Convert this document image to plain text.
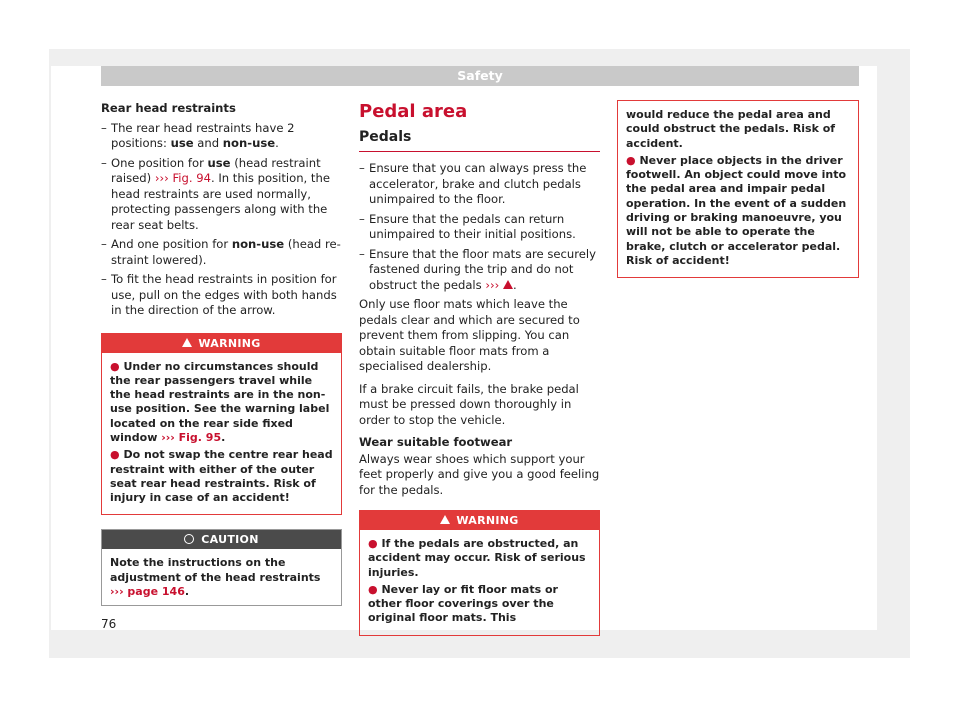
Safety
Rear head restraints
– The rear head restraints have 2 positions: use and non-use.
– One position for use (head restraint raised) ››› Fig. 94. In this position, the head restraints are used normally, protecting passengers along with the rear seat belts.
– And one position for non-use (head restraint lowered).
– To fit the head restraints in position for use, pull on the edges with both hands in the direction of the arrow.
WARNING
● Under no circumstances should the rear passengers travel while the head restraints are in the non-use position. See the warning label located on the rear side fixed window ››› Fig. 95.
● Do not swap the centre rear head restraint with either of the outer seat rear head restraints. Risk of injury in case of an accident!
CAUTION
Note the instructions on the adjustment of the head restraints ››› page 146.
Pedal area
Pedals
– Ensure that you can always press the accelerator, brake and clutch pedals unimpaired to the floor.
– Ensure that the pedals can return unimpaired to their initial positions.
– Ensure that the floor mats are securely fastened during the trip and do not obstruct the pedals ››› .

Only use floor mats which leave the pedals clear and which are secured to prevent them from slipping. You can obtain suitable floor mats from a specialised dealership.

If a brake circuit fails, the brake pedal must be pressed down thoroughly in order to stop the vehicle.

Wear suitable footwear

Always wear shoes which support your feet properly and give you a good feeling for the pedals.

WARNING
● If the pedals are obstructed, an accident may occur. Risk of serious injuries.
● Never lay or fit floor mats or other floor coverings over the original floor mats. This
would reduce the pedal area and could obstruct the pedals. Risk of accident.
● Never place objects in the driver footwell. An object could move into the pedal area and impair pedal operation. In the event of a sudden driving or braking manoeuvre, you will not be able to operate the brake, clutch or accelerator pedal. Risk of accident!
76
